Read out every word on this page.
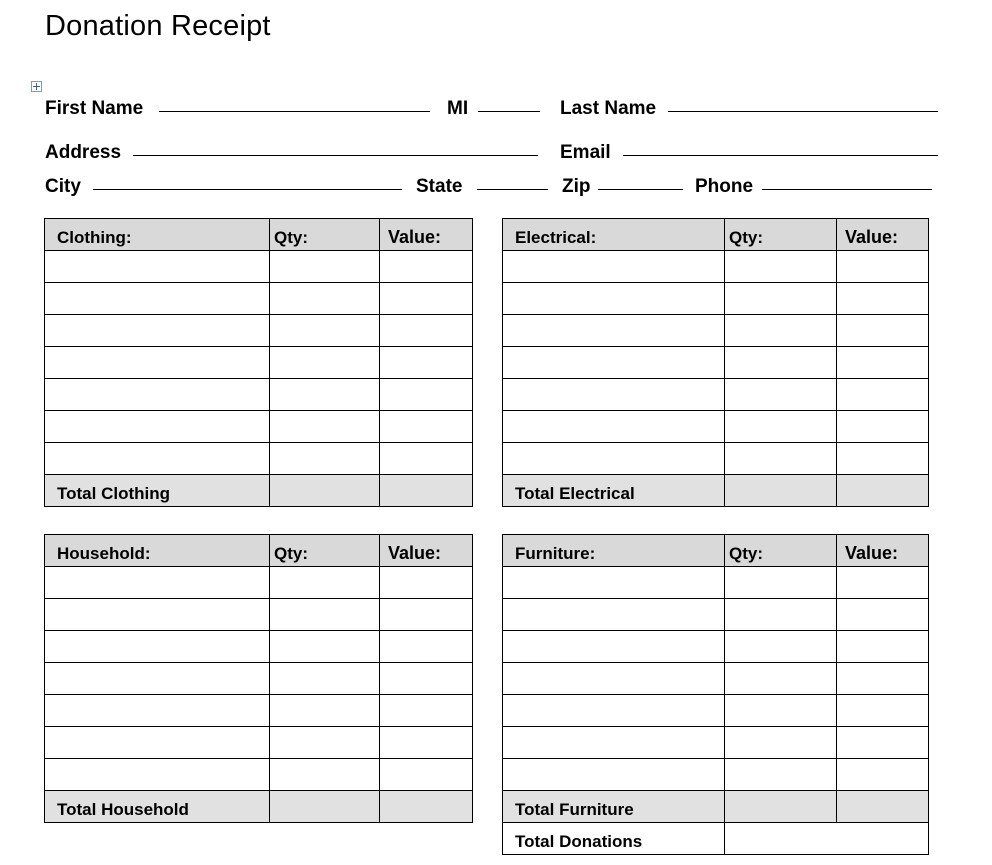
Donation Receipt
First Name	MI	Last Name
Address	Email
City	State	Zip	Phone
Clothing:	Qty:	Value:

Total Clothing		

Electrical:	Qty:	Value:

Total Electrical		

Household:	Qty:	Value:

Total Household		

Furniture:	Qty:	Value:

Total Furniture		

Total Donations		
